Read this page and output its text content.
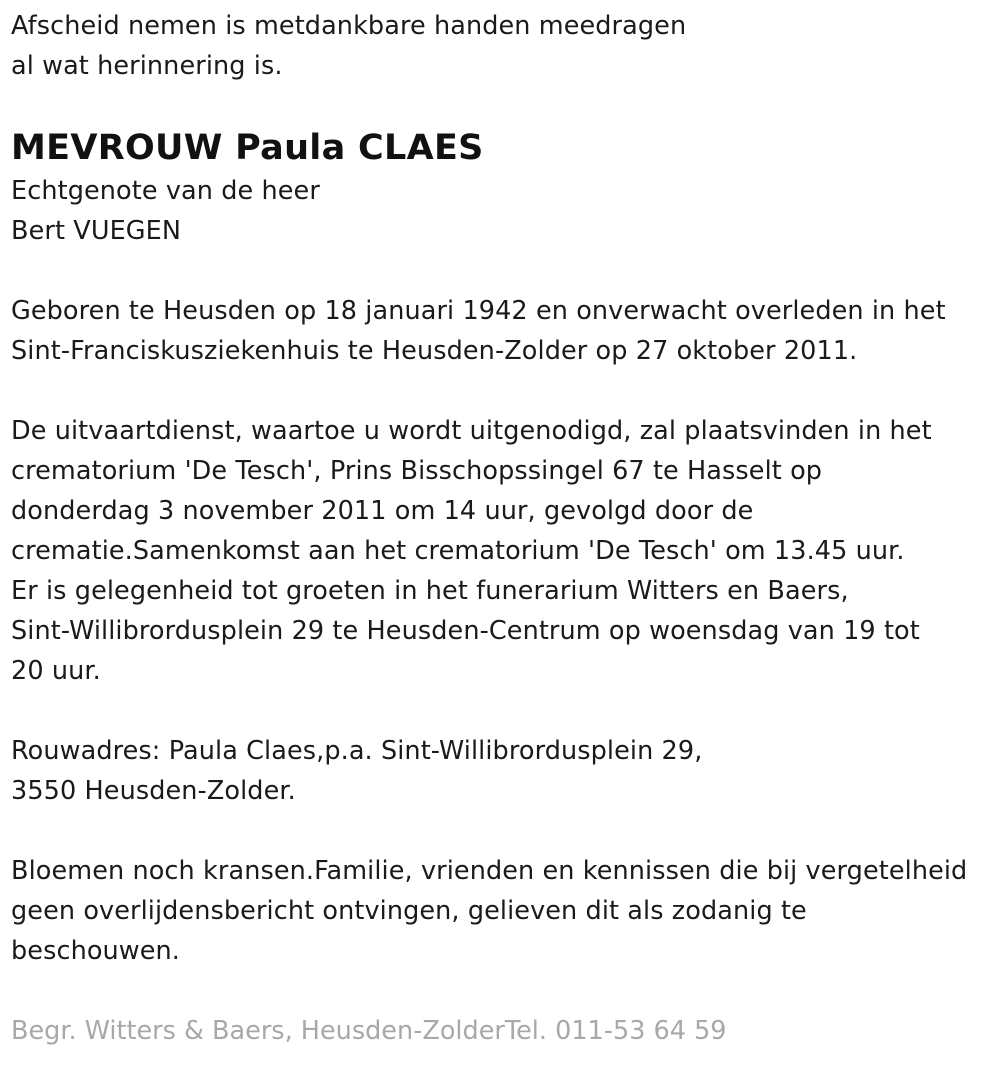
Afscheid nemen is metdankbare handen meedragen
al wat herinnering is.
MEVROUW Paula CLAES
Echtgenote van de heer
Bert VUEGEN
Geboren te Heusden op 18 januari 1942 en onverwacht overleden in het
Sint-Franciskusziekenhuis te Heusden-Zolder op 27 oktober 2011.
De uitvaartdienst, waartoe u wordt uitgenodigd, zal plaatsvinden in het
crematorium 'De Tesch', Prins Bisschopssingel 67 te Hasselt op
donderdag 3 november 2011 om 14 uur, gevolgd door de
crematie.Samenkomst aan het crematorium 'De Tesch' om 13.45 uur.
Er is gelegenheid tot groeten in het funerarium Witters en Baers,
Sint-Willibrordusplein 29 te Heusden-Centrum op woensdag van 19 tot
20 uur.
Rouwadres: Paula Claes,p.a. Sint-Willibrordusplein 29,
3550 Heusden-Zolder.
Bloemen noch kransen.Familie, vrienden en kennissen die bij vergetelheid
geen overlijdensbericht ontvingen, gelieven dit als zodanig te
beschouwen.
Begr. Witters & Baers, Heusden-ZolderTel. 011-53 64 59
